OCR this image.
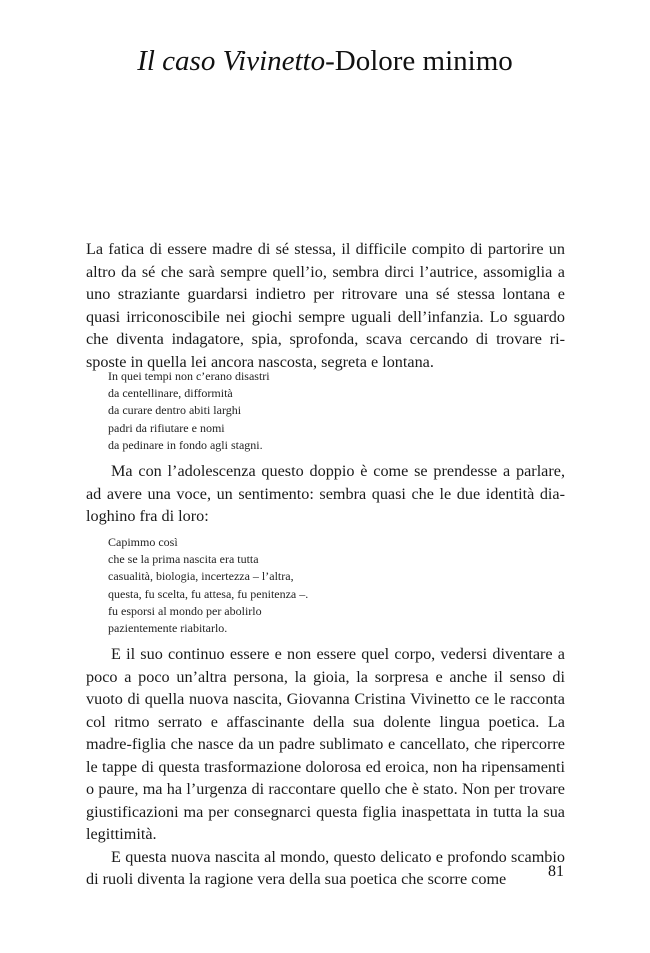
Il caso Vivinetto-Dolore minimo

La fatica di essere madre di sé stessa, il difficile compito di partorire un altro da sé che sarà sempre quell’io, sembra dirci l’autrice, assomiglia a uno straziante guardarsi indietro per ritrovare una sé stessa lontana e quasi irriconoscibile nei giochi sempre uguali dell’infanzia. Lo sguardo che diventa indagatore, spia, sprofonda, scava cercando di trovare risposte in quella lei ancora nascosta, segreta e lontana.

In quei tempi non c’erano disastri
da centellinare, difformità
da curare dentro abiti larghi
padri da rifiutare e nomi
da pedinare in fondo agli stagni.

Ma con l’adolescenza questo doppio è come se prendesse a parlare, ad avere una voce, un sentimento: sembra quasi che le due identità dialoghino fra di loro:

Capimmo così
che se la prima nascita era tutta
casualità, biologia, incertezza – l’altra,
questa, fu scelta, fu attesa, fu penitenza –.
fu esporsi al mondo per abolirlo
pazientemente riabitarlo.

E il suo continuo essere e non essere quel corpo, vedersi diventare a poco a poco un’altra persona, la gioia, la sorpresa e anche il senso di vuoto di quella nuova nascita, Giovanna Cristina Vivinetto ce le racconta col ritmo serrato e affascinante della sua dolente lingua poetica. La madre-figlia che nasce da un padre sublimato e cancellato, che ripercorre le tappe di questa trasformazione dolorosa ed eroica, non ha ripensamenti o paure, ma ha l’urgenza di raccontare quello che è stato. Non per trovare giustificazioni ma per consegnarci questa figlia inaspettata in tutta la sua legittimità.

E questa nuova nascita al mondo, questo delicato e profondo scambio di ruoli diventa la ragione vera della sua poetica che scorre come	81
